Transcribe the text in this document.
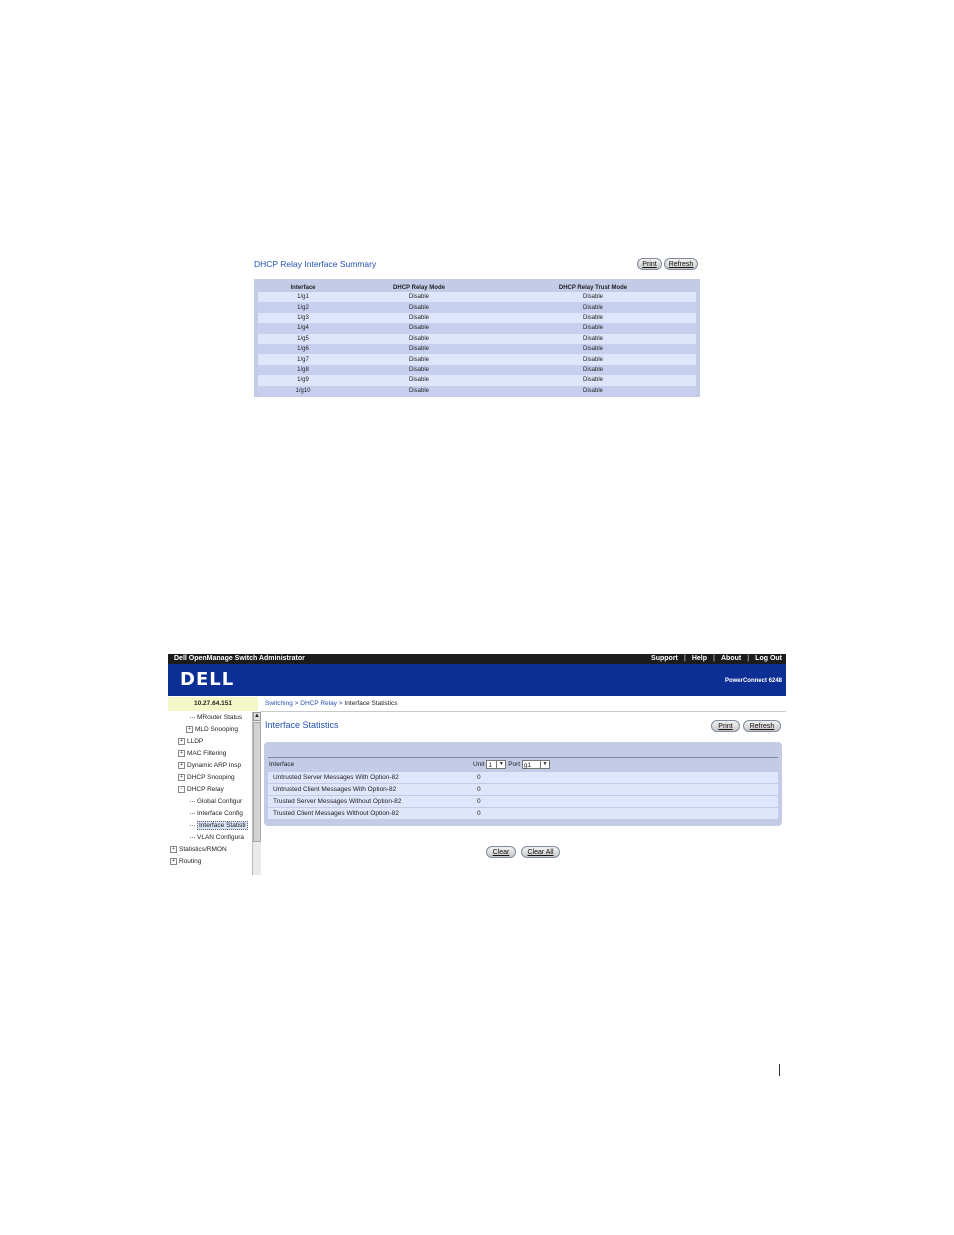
DHCP Relay Interface Summary	Print	Refresh
Interface	DHCP Relay Mode	DHCP Relay Trust Mode
1/g1	Disable	Disable
1/g2	Disable	Disable
1/g3	Disable	Disable
1/g4	Disable	Disable
1/g5	Disable	Disable
1/g6	Disable	Disable
1/g7	Disable	Disable
1/g8	Disable	Disable
1/g9	Disable	Disable
1/g10	Disable	Disable
Dell OpenManage Switch Administrator	Support | Help | About | Log Out
DELL	PowerConnect 6248
10.27.64.151	Switching > DHCP Relay > Interface Statistics
MRouter Status
+ MLD Snooping
+ LLDP
+ MAC Filtering
+ Dynamic ARP Insp
+ DHCP Snooping
- DHCP Relay
Global Configur
Interface Config
Interface Statisti
VLAN Configura
+ Statistics/RMON
+ Routing
▲
Interface Statistics	Print	Refresh
Interface	Unit 1	▼ Port g1	▼
Untrusted Server Messages With Option-82	0
Untrusted Client Messages With Option-82	0
Trusted Server Messages Without Option-82	0
Trusted Client Messages Without Option-82	0
Clear	Clear All
